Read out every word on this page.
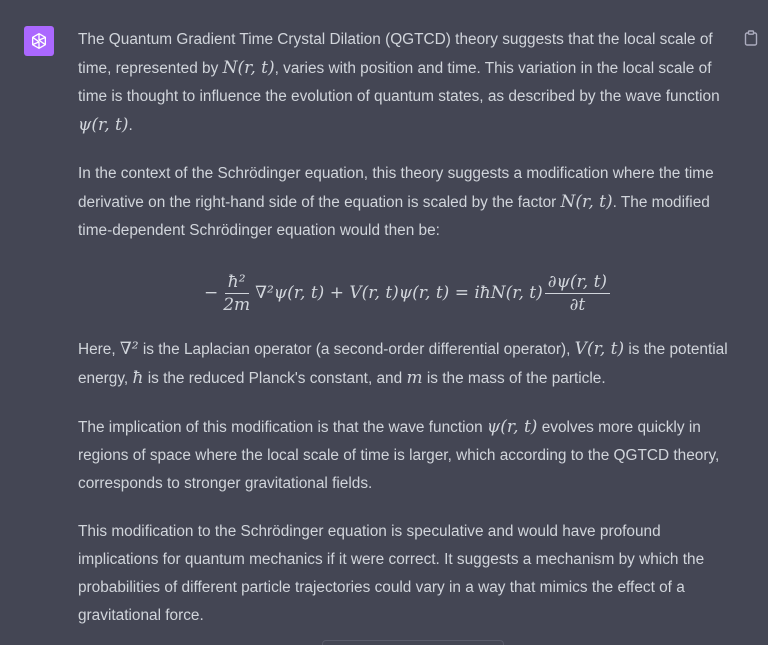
The Quantum Gradient Time Crystal Dilation (QGTCD) theory suggests that the local scale of time, represented by N(r, t), varies with position and time. This variation in the local scale of time is thought to influence the evolution of quantum states, as described by the wave function ψ(r, t).

In the context of the Schrödinger equation, this theory suggests a modification where the time derivative on the right-hand side of the equation is scaled by the factor N(r, t). The modified time-dependent Schrödinger equation would then be:

− $\frac{\text{ħ²}}{2m} \nabla^2\psi(r$, t) + V(r, t)ψ(r, t) = iħN(r, $t) \frac{\partial\psi(r, t)}{\partial t}$

Here, ∇² is the Laplacian operator (a second-order differential operator), V(r, t) is the potential energy, ħ is the reduced Planck's constant, and m is the mass of the particle.

The implication of this modification is that the wave function ψ(r, t) evolves more quickly in regions of space where the local scale of time is larger, which according to the QGTCD theory, corresponds to stronger gravitational fields.

This modification to the Schrödinger equation is speculative and would have profound implications for quantum mechanics if it were correct. It suggests a mechanism by which the probabilities of different particle trajectories could vary in a way that mimics the effect of a gravitational force.
